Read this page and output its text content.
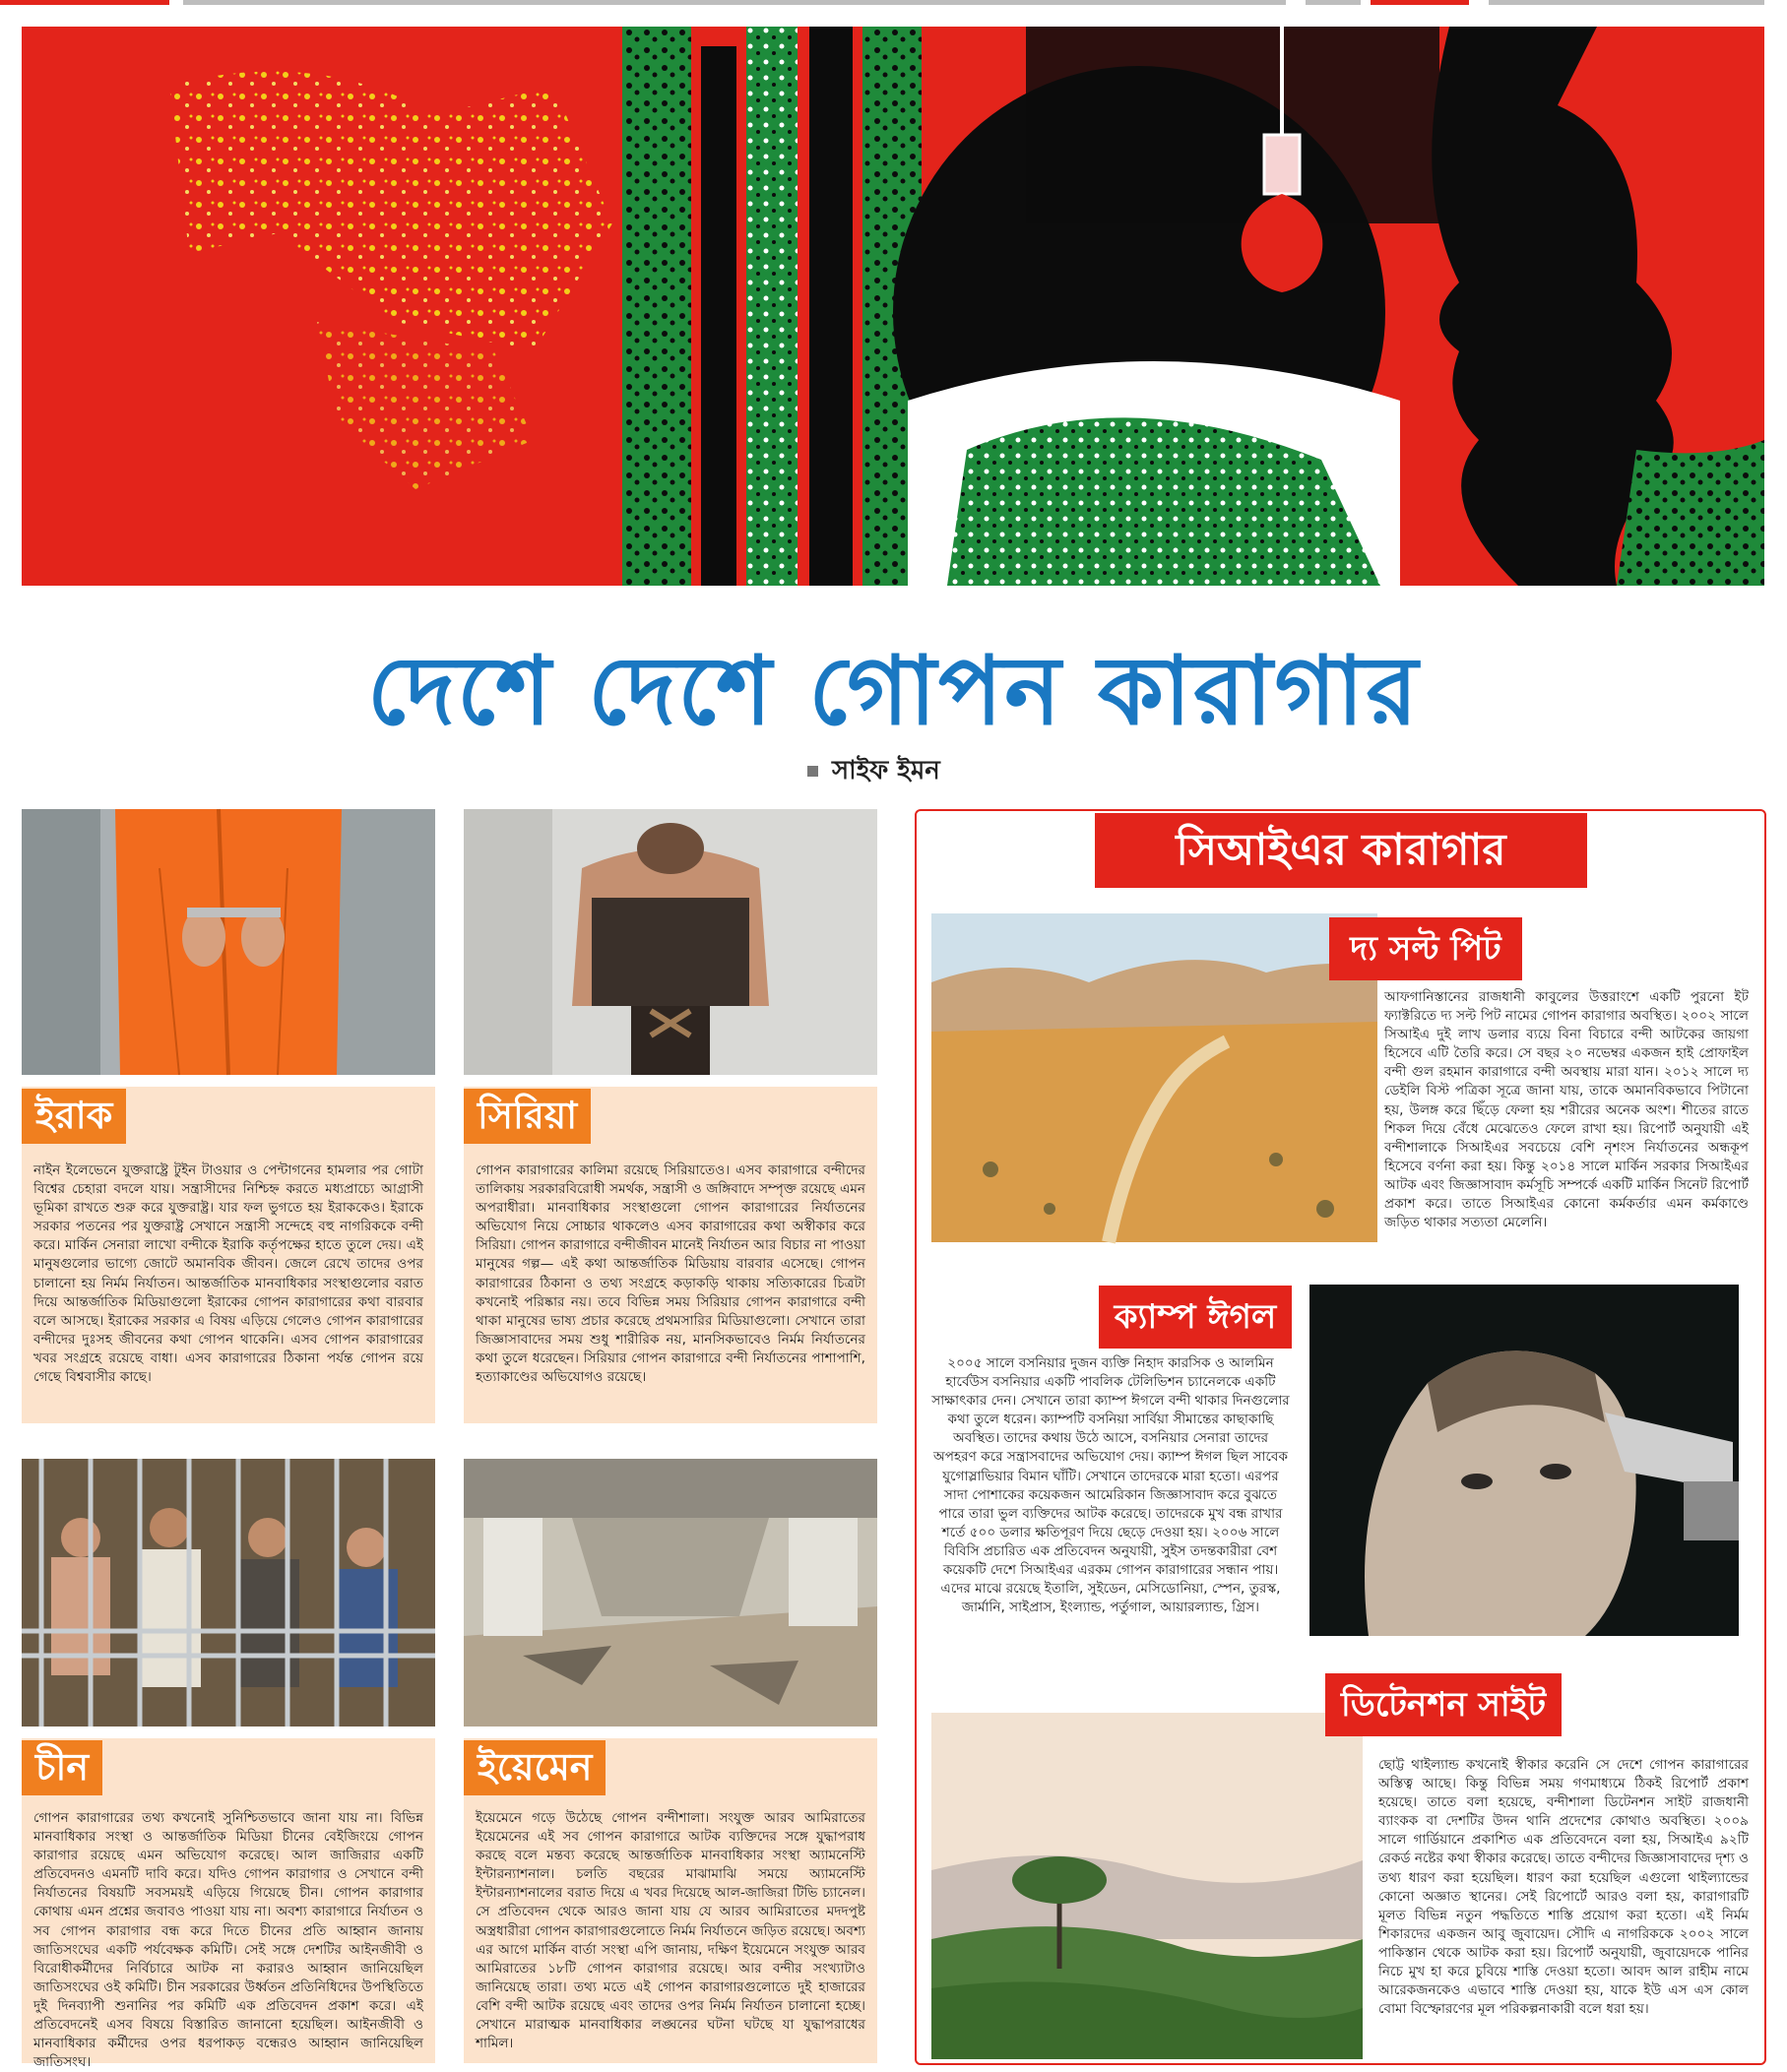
দেশে দেশে গোপন কারাগার
সাইফ ইমন
ইরাক
নাইন ইলেভেনে যুক্তরাষ্ট্রে টুইন টাওয়ার ও পেন্টাগনের হামলার পর গোটা বিশ্বের চেহারা বদলে যায়। সন্ত্রাসীদের নিশ্চিহ্ন করতে মধ্যপ্রাচ্যে আগ্রাসী ভূমিকা রাখতে শুরু করে যুক্তরাষ্ট্র। যার ফল ভুগতে হয় ইরাককেও। ইরাকে সরকার পতনের পর যুক্তরাষ্ট্র সেখানে সন্ত্রাসী সন্দেহে বহু নাগরিককে বন্দী করে। মার্কিন সেনারা লাখো বন্দীকে ইরাকি কর্তৃপক্ষের হাতে তুলে দেয়। এই মানুষগুলোর ভাগ্যে জোটে অমানবিক জীবন। জেলে রেখে তাদের ওপর চালানো হয় নির্মম নির্যাতন। আন্তর্জাতিক মানবাধিকার সংস্থাগুলোর বরাত দিয়ে আন্তর্জাতিক মিডিয়াগুলো ইরাকের গোপন কারাগারের কথা বারবার বলে আসছে। ইরাকের সরকার এ বিষয় এড়িয়ে গেলেও গোপন কারাগারের বন্দীদের দুঃসহ জীবনের কথা গোপন থাকেনি। এসব গোপন কারাগারের খবর সংগ্রহে রয়েছে বাধা। এসব কারাগারের ঠিকানা পর্যন্ত গোপন রয়ে গেছে বিশ্ববাসীর কাছে।
চীন
গোপন কারাগারের তথ্য কখনোই সুনিশ্চিতভাবে জানা যায় না। বিভিন্ন মানবাধিকার সংস্থা ও আন্তর্জাতিক মিডিয়া চীনের বেইজিংয়ে গোপন কারাগার রয়েছে এমন অভিযোগ করেছে। আল জাজিরার একটি প্রতিবেদনও এমনটি দাবি করে। যদিও গোপন কারাগার ও সেখানে বন্দী নির্যাতনের বিষয়টি সবসময়ই এড়িয়ে গিয়েছে চীন। গোপন কারাগার কোথায় এমন প্রশ্নের জবাবও পাওয়া যায় না। অবশ্য কারাগারে নির্যাতন ও সব গোপন কারাগার বন্ধ করে দিতে চীনের প্রতি আহ্বান জানায় জাতিসংঘের একটি পর্যবেক্ষক কমিটি। সেই সঙ্গে দেশটির আইনজীবী ও বিরোধীকর্মীদের নির্বিচারে আটক না করারও আহ্বান জানিয়েছিল জাতিসংঘের ওই কমিটি। চীন সরকারের উর্ধ্বতন প্রতিনিধিদের উপস্থিতিতে দুই দিনব্যাপী শুনানির পর কমিটি এক প্রতিবেদন প্রকাশ করে। এই প্রতিবেদনেই এসব বিষয়ে বিস্তারিত জানানো হয়েছিল। আইনজীবী ও মানবাধিকার কর্মীদের ওপর ধরপাকড় বন্ধেরও আহ্বান জানিয়েছিল জাতিসংঘ।
সিরিয়া
গোপন কারাগারের কালিমা রয়েছে সিরিয়াতেও। এসব কারাগারে বন্দীদের তালিকায় সরকারবিরোধী সমর্থক, সন্ত্রাসী ও জঙ্গিবাদে সম্পৃক্ত রয়েছে এমন অপরাধীরা। মানবাধিকার সংস্থাগুলো গোপন কারাগারের নির্যাতনের অভিযোগ নিয়ে সোচ্চার থাকলেও এসব কারাগারের কথা অস্বীকার করে সিরিয়া। গোপন কারাগারে বন্দীজীবন মানেই নির্যাতন আর বিচার না পাওয়া মানুষের গল্প— এই কথা আন্তর্জাতিক মিডিয়ায় বারবার এসেছে। গোপন কারাগারের ঠিকানা ও তথ্য সংগ্রহে কড়াকড়ি থাকায় সত্যিকারের চিত্রটা কখনোই পরিষ্কার নয়। তবে বিভিন্ন সময় সিরিয়ার গোপন কারাগারে বন্দী থাকা মানুষের ভাষ্য প্রচার করেছে প্রথমসারির মিডিয়াগুলো। সেখানে তারা জিজ্ঞাসাবাদের সময় শুধু শারীরিক নয়, মানসিকভাবেও নির্মম নির্যাতনের কথা তুলে ধরেছেন। সিরিয়ার গোপন কারাগারে বন্দী নির্যাতনের পাশাপাশি, হত্যাকাণ্ডের অভিযোগও রয়েছে।
ইয়েমেন
ইয়েমেনে গড়ে উঠেছে গোপন বন্দীশালা। সংযুক্ত আরব আমিরাতের ইয়েমেনের এই সব গোপন কারাগারে আটক ব্যক্তিদের সঙ্গে যুদ্ধাপরাধ করছে বলে মন্তব্য করেছে আন্তর্জাতিক মানবাধিকার সংস্থা অ্যামনেস্টি ইন্টারন্যাশনাল। চলতি বছরের মাঝামাঝি সময়ে অ্যামনেস্টি ইন্টারন্যাশনালের বরাত দিয়ে এ খবর দিয়েছে আল-জাজিরা টিভি চ্যানেল। সে প্রতিবেদন থেকে আরও জানা যায় যে আরব আমিরাতের মদদপুষ্ট অস্ত্রধারীরা গোপন কারাগারগুলোতে নির্মম নির্যাতনে জড়িত রয়েছে। অবশ্য এর আগে মার্কিন বার্তা সংস্থা এপি জানায়, দক্ষিণ ইয়েমেনে সংযুক্ত আরব আমিরাতের ১৮টি গোপন কারাগার রয়েছে। আর বন্দীর সংখ্যাটাও জানিয়েছে তারা। তথ্য মতে এই গোপন কারাগারগুলোতে দুই হাজারের বেশি বন্দী আটক রয়েছে এবং তাদের ওপর নির্মম নির্যাতন চালানো হচ্ছে। সেখানে মারাত্মক মানবাধিকার লঙ্ঘনের ঘটনা ঘটছে যা যুদ্ধাপরাধের শামিল।
সিআইএর কারাগার
দ্য সল্ট পিট
আফগানিস্তানের রাজধানী কাবুলের উত্তরাংশে একটি পুরনো ইট ফ্যাক্টরিতে দ্য সল্ট পিট নামের গোপন কারাগার অবস্থিত। ২০০২ সালে সিআইএ দুই লাখ ডলার ব্যয়ে বিনা বিচারে বন্দী আটকের জায়গা হিসেবে এটি তৈরি করে। সে বছর ২০ নভেম্বর একজন হাই প্রোফাইল বন্দী গুল রহমান কারাগারে বন্দী অবস্থায় মারা যান। ২০১২ সালে দ্য ডেইলি বিস্ট পত্রিকা সূত্রে জানা যায়, তাকে অমানবিকভাবে পিটানো হয়, উলঙ্গ করে ছিঁড়ে ফেলা হয় শরীরের অনেক অংশ। শীতের রাতে শিকল দিয়ে বেঁধে মেঝেতেও ফেলে রাখা হয়। রিপোর্ট অনুযায়ী এই বন্দীশালাকে সিআইএর সবচেয়ে বেশি নৃশংস নির্যাতনের অন্ধকূপ হিসেবে বর্ণনা করা হয়। কিন্তু ২০১৪ সালে মার্কিন সরকার সিআইএর আটক এবং জিজ্ঞাসাবাদ কর্মসূচি সম্পর্কে একটি মার্কিন সিনেট রিপোর্ট প্রকাশ করে। তাতে সিআইএর কোনো কর্মকর্তার এমন কর্মকাণ্ডে জড়িত থাকার সত্যতা মেলেনি।
ক্যাম্প ঈগল
২০০৫ সালে বসনিয়ার দুজন ব্যক্তি নিহাদ কারসিক ও আলমিন হার্বেউস বসনিয়ার একটি পাবলিক টেলিভিশন চ্যানেলকে একটি সাক্ষাৎকার দেন। সেখানে তারা ক্যাম্প ঈগলে বন্দী থাকার দিনগুলোর কথা তুলে ধরেন। ক্যাম্পটি বসনিয়া সার্বিয়া সীমান্তের কাছাকাছি অবস্থিত। তাদের কথায় উঠে আসে, বসনিয়ার সেনারা তাদের অপহরণ করে সন্ত্রাসবাদের অভিযোগ দেয়। ক্যাম্প ঈগল ছিল সাবেক যুগোস্লাভিয়ার বিমান ঘাঁটি। সেখানে তাদেরকে মারা হতো। এরপর সাদা পোশাকের কয়েকজন আমেরিকান জিজ্ঞাসাবাদ করে বুঝতে পারে তারা ভুল ব্যক্তিদের আটক করেছে। তাদেরকে মুখ বন্ধ রাখার শর্তে ৫০০ ডলার ক্ষতিপূরণ দিয়ে ছেড়ে দেওয়া হয়। ২০০৬ সালে বিবিসি প্রচারিত এক প্রতিবেদন অনুযায়ী, সুইস তদন্তকারীরা বেশ কয়েকটি দেশে সিআইএর এরকম গোপন কারাগারের সন্ধান পায়। এদের মাঝে রয়েছে ইতালি, সুইডেন, মেসিডোনিয়া, স্পেন, তুরস্ক, জার্মানি, সাইপ্রাস, ইংল্যান্ড, পর্তুগাল, আয়ারল্যান্ড, গ্রিস।
ডিটেনশন সাইট
ছোট্ট থাইল্যান্ড কখনোই স্বীকার করেনি সে দেশে গোপন কারাগারের অস্তিত্ব আছে। কিন্তু বিভিন্ন সময় গণমাধ্যমে ঠিকই রিপোর্ট প্রকাশ হয়েছে। তাতে বলা হয়েছে, বন্দীশালা ডিটেনশন সাইট রাজধানী ব্যাংকক বা দেশটির উদন থানি প্রদেশের কোথাও অবস্থিত। ২০০৯ সালে গার্ডিয়ানে প্রকাশিত এক প্রতিবেদনে বলা হয়, সিআইএ ৯২টি রেকর্ড নষ্টের কথা স্বীকার করেছে। তাতে বন্দীদের জিজ্ঞাসাবাদের দৃশ্য ও তথ্য ধারণ করা হয়েছিল। ধারণ করা হয়েছিল এগুলো থাইল্যান্ডের কোনো অজ্ঞাত স্থানের। সেই রিপোর্টে আরও বলা হয়, কারাগারটি মূলত বিভিন্ন নতুন পদ্ধতিতে শাস্তি প্রয়োগ করা হতো। এই নির্মম শিকারদের একজন আবু জুবায়েদ। সৌদি এ নাগরিককে ২০০২ সালে পাকিস্তান থেকে আটক করা হয়। রিপোর্ট অনুযায়ী, জুবায়েদকে পানির নিচে মুখ হা করে চুবিয়ে শাস্তি দেওয়া হতো। আবদ আল রাহীম নামে আরেকজনকেও এভাবে শাস্তি দেওয়া হয়, যাকে ইউ এস এস কোল বোমা বিস্ফোরণের মূল পরিকল্পনাকারী বলে ধরা হয়।
